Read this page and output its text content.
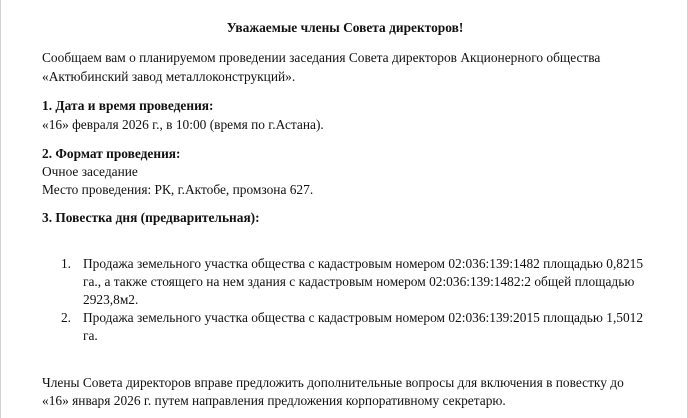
Уважаемые члены Совета директоров!
Сообщаем вам о планируемом проведении заседания Совета директоров Акционерного общества
«Актюбинский завод металлоконструкций».
1. Дата и время проведения:
«16» февраля 2026 г., в 10:00 (время по г.Астана).
2. Формат проведения:
Очное заседание
Место проведения: РК, г.Актобе, промзона 627.
3. Повестка дня (предварительная):
1. Продажа земельного участка общества с кадастровым номером 02:036:139:1482 площадью 0,8215
га., а также стоящего на нем здания с кадастровым номером 02:036:139:1482:2 общей площадью
2923,8м2.
2. Продажа земельного участка общества с кадастровым номером 02:036:139:2015 площадью 1,5012
га.
Члены Совета директоров вправе предложить дополнительные вопросы для включения в повестку до
«16» января 2026 г. путем направления предложения корпоративному секретарю.
